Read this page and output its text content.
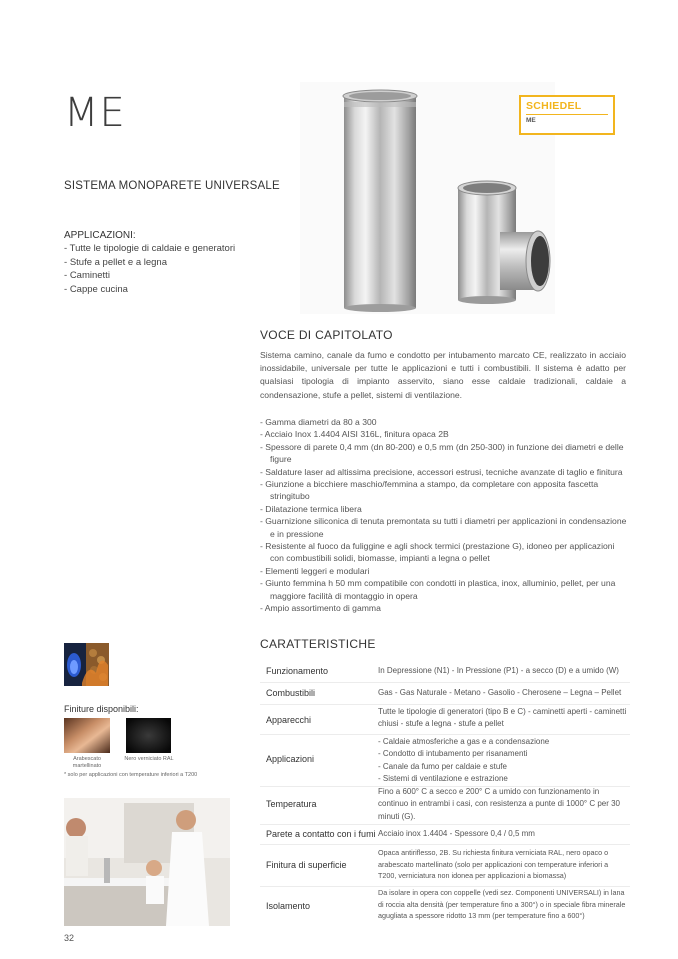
ME
SISTEMA MONOPARETE UNIVERSALE
APPLICAZIONI:
- Tutte le tipologie di caldaie e generatori
- Stufe a pellet e a legna
- Caminetti
- Cappe cucina
SCHIEDEL
ME
VOCE DI CAPITOLATO
Sistema camino, canale da fumo e condotto per intubamento marcato CE, realizzato in acciaio inossidabile, universale per tutte le applicazioni e tutti i combustibili. Il sistema è adatto per qualsiasi tipologia di impianto asservito, siano esse caldaie tradizionali, caldaie a condensazione, stufe a pellet, sistemi di ventilazione.
- Gamma diametri da 80 a 300
- Acciaio Inox 1.4404 AISI 316L, finitura opaca 2B
- Spessore di parete 0,4 mm (dn 80-200) e 0,5 mm (dn 250-300) in funzione dei diametri e delle figure
- Saldature laser ad altissima precisione, accessori estrusi, tecniche avanzate di taglio e finitura
- Giunzione a bicchiere maschio/femmina a stampo, da completare con apposita fascetta stringitubo
- Dilatazione termica libera
- Guarnizione siliconica di tenuta premontata su tutti i diametri per applicazioni in condensazione e in pressione
- Resistente al fuoco da fuliggine e agli shock termici (prestazione G), idoneo per applicazioni con combustibili solidi, biomasse, impianti a legna o pellet
- Elementi leggeri e modulari
- Giunto femmina h 50 mm compatibile con condotti in plastica, inox, alluminio, pellet, per una maggiore facilità di montaggio in opera
- Ampio assortimento di gamma
CARATTERISTICHE
Funzionamento	In Depressione (N1) - In Pressione (P1) - a secco (D) e a umido (W)
Combustibili	Gas - Gas Naturale - Metano - Gasolio - Cherosene – Legna – Pellet
Apparecchi
Tutte le tipologie di generatori (tipo B e C) - caminetti aperti - caminetti chiusi - stufe a legna - stufe a pellet
Applicazioni
- Caldaie atmosferiche a gas e a condensazione
- Condotto di intubamento per risanamenti
- Canale da fumo per caldaie e stufe
- Sistemi di ventilazione e estrazione
Temperatura
Fino a 600° C a secco e 200° C a umido con funzionamento in continuo in entrambi i casi, con resistenza a punte di 1000° C per 30 minuti (G).
Parete a contatto con i fumi Acciaio inox 1.4404 - Spessore 0,4 / 0,5 mm
Finitura di superficie
Opaca antiriflesso, 2B. Su richiesta finitura verniciata RAL, nero opaco o arabescato martellinato (solo per applicazioni con temperature inferiori a T200, verniciatura non idonea per applicazioni a biomassa)
Isolamento
Da isolare in opera con coppelle (vedi sez. Componenti UNIVERSALI) in lana di roccia alta densità (per temperature fino a 300°) o in speciale fibra minerale agugliata a spessore ridotto 13 mm (per temperature fino a 600°)
Finiture disponibili:
Arabescato martellinato
Nero verniciato RAL
* solo per applicazioni con temperature inferiori a T200
32
